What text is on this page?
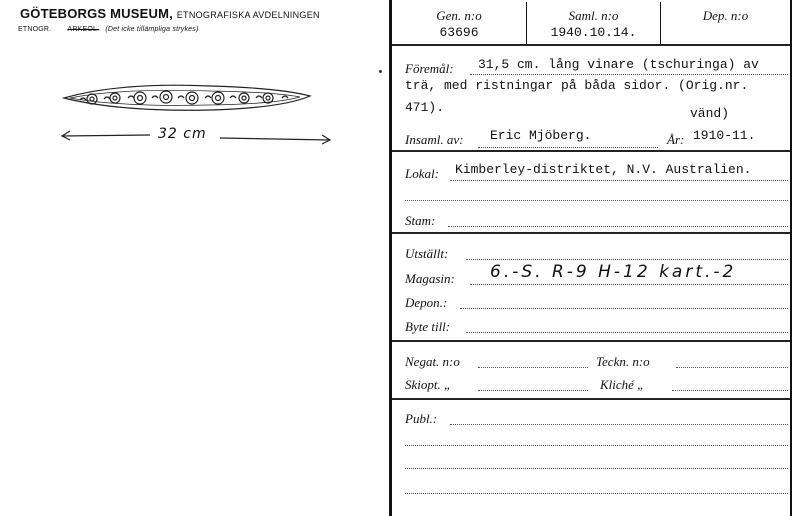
GÖTEBORGS MUSEUM, ETNOGRAFISKA AVDELNINGEN
ETNOGR. ARKEOL. (Det icke tillämpliga strykes)
32 cm
Gen. n:o
63696
Saml. n:o
1940.10.14.
Dep. n:o
Föremål: 31,5 cm. lång vinare (tschuringa) av
trä, med ristningar på båda sidor. (Orig.nr.
471).	vänd)
Insaml. av: Eric Mjöberg.	År: 1910-11.
Lokal: Kimberley-distriktet, N.V. Australien.
Stam:
Utställt:
Magasin: 6.-S. R-9 H-12 kart.-2
Depon.:
Byte till:
Negat. n:o	Teckn. n:o
Skiopt. „	Kliché „
Publ.:
